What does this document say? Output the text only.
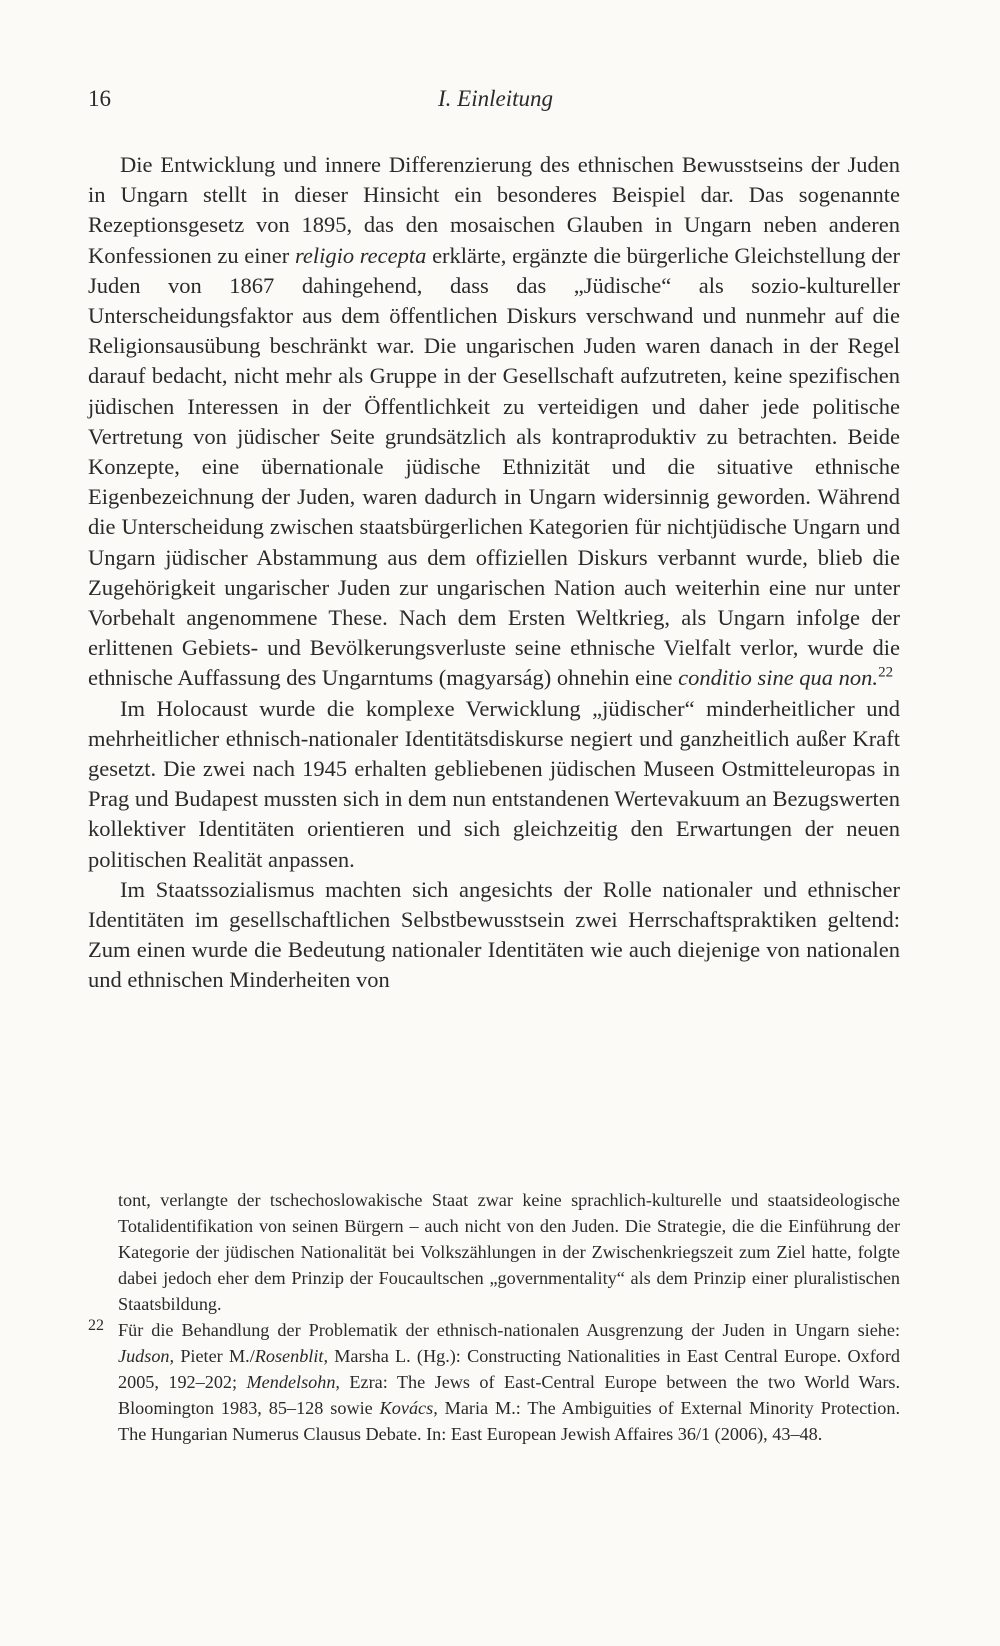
16	I. Einleitung

Die Entwicklung und innere Differenzierung des ethnischen Bewusstseins der Juden in Ungarn stellt in dieser Hinsicht ein besonderes Beispiel dar. Das sogenannte Rezeptionsgesetz von 1895, das den mosaischen Glauben in Ungarn neben anderen Konfessionen zu einer religio recepta erklärte, ergänzte die bürgerliche Gleichstellung der Juden von 1867 dahingehend, dass das „Jüdische“ als sozio-kultureller Unterscheidungsfaktor aus dem öffentlichen Diskurs verschwand und nunmehr auf die Religionsausübung beschränkt war. Die ungarischen Juden waren danach in der Regel darauf bedacht, nicht mehr als Gruppe in der Gesellschaft aufzutreten, keine spezifischen jüdischen Interessen in der Öffentlichkeit zu verteidigen und daher jede politische Vertretung von jüdischer Seite grundsätzlich als kontraproduktiv zu betrachten. Beide Konzepte, eine übernationale jüdische Ethnizität und die situative ethnische Eigenbezeichnung der Juden, waren dadurch in Ungarn widersinnig geworden. Während die Unterscheidung zwischen staatsbürgerlichen Kategorien für nichtjüdische Ungarn und Ungarn jüdischer Abstammung aus dem offiziellen Diskurs verbannt wurde, blieb die Zugehörigkeit ungarischer Juden zur ungarischen Nation auch weiterhin eine nur unter Vorbehalt angenommene These. Nach dem Ersten Weltkrieg, als Ungarn infolge der erlittenen Gebiets- und Bevölkerungsverluste seine ethnische Vielfalt verlor, wurde die ethnische Auffassung des Ungarntums (magyarság) ohnehin eine conditio sine qua non.$^{22}$

Im Holocaust wurde die komplexe Verwicklung „jüdischer“ minderheitlicher und mehrheitlicher ethnisch-nationaler Identitätsdiskurse negiert und ganzheitlich außer Kraft gesetzt. Die zwei nach 1945 erhalten gebliebenen jüdischen Museen Ostmitteleuropas in Prag und Budapest mussten sich in dem nun entstandenen Wertevakuum an Bezugswerten kollektiver Identitäten orientieren und sich gleichzeitig den Erwartungen der neuen politischen Realität anpassen.

Im Staatssozialismus machten sich angesichts der Rolle nationaler und ethnischer Identitäten im gesellschaftlichen Selbstbewusstsein zwei Herrschaftspraktiken geltend: Zum einen wurde die Bedeutung nationaler Identitäten wie auch diejenige von nationalen und ethnischen Minderheiten von

tont, verlangte der tschechoslowakische Staat zwar keine sprachlich-kulturelle und staatsideologische Totalidentifikation von seinen Bürgern – auch nicht von den Juden. Die Strategie, die die Einführung der Kategorie der jüdischen Nationalität bei Volkszählungen in der Zwischenkriegszeit zum Ziel hatte, folgte dabei jedoch eher dem Prinzip der Foucaultschen „governmentality“ als dem Prinzip einer pluralistischen Staatsbildung.

22 Für die Behandlung der Problematik der ethnisch-nationalen Ausgrenzung der Juden in Ungarn siehe: Judson, Pieter M./Rosenblit, Marsha L. (Hg.): Constructing Nationalities in East Central Europe. Oxford 2005, 192–202; Mendelsohn, Ezra: The Jews of East-Central Europe between the two World Wars. Bloomington 1983, 85–128 sowie Kovács, Maria M.: The Ambiguities of External Minority Protection. The Hungarian Numerus Clausus Debate. In: East European Jewish Affaires 36/1 (2006), 43–48.
